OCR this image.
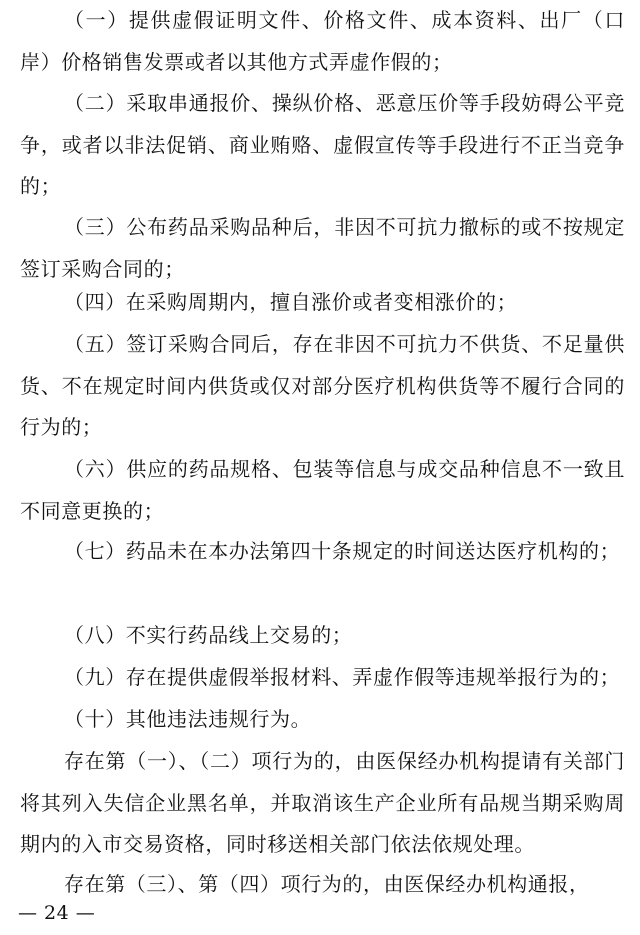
（一）提供虚假证明文件、价格文件、成本资料、出厂（口岸）价格销售发票或者以其他方式弄虚作假的；

（二）采取串通报价、操纵价格、恶意压价等手段妨碍公平竞争，或者以非法促销、商业贿赂、虚假宣传等手段进行不正当竞争的；

（三）公布药品采购品种后，非因不可抗力撤标的或不按规定签订采购合同的；

（四）在采购周期内，擅自涨价或者变相涨价的；

（五）签订采购合同后，存在非因不可抗力不供货、不足量供货、不在规定时间内供货或仅对部分医疗机构供货等不履行合同的行为的；

（六）供应的药品规格、包装等信息与成交品种信息不一致且不同意更换的；

（七）药品未在本办法第四十条规定的时间送达医疗机构的；

（八）不实行药品线上交易的；

（九）存在提供虚假举报材料、弄虚作假等违规举报行为的；

（十）其他违法违规行为。

存在第（一）、（二）项行为的，由医保经办机构提请有关部门将其列入失信企业黑名单，并取消该生产企业所有品规当期采购周期内的入市交易资格，同时移送相关部门依法依规处理。

存在第（三）、第（四）项行为的，由医保经办机构通报，

— 24 —
